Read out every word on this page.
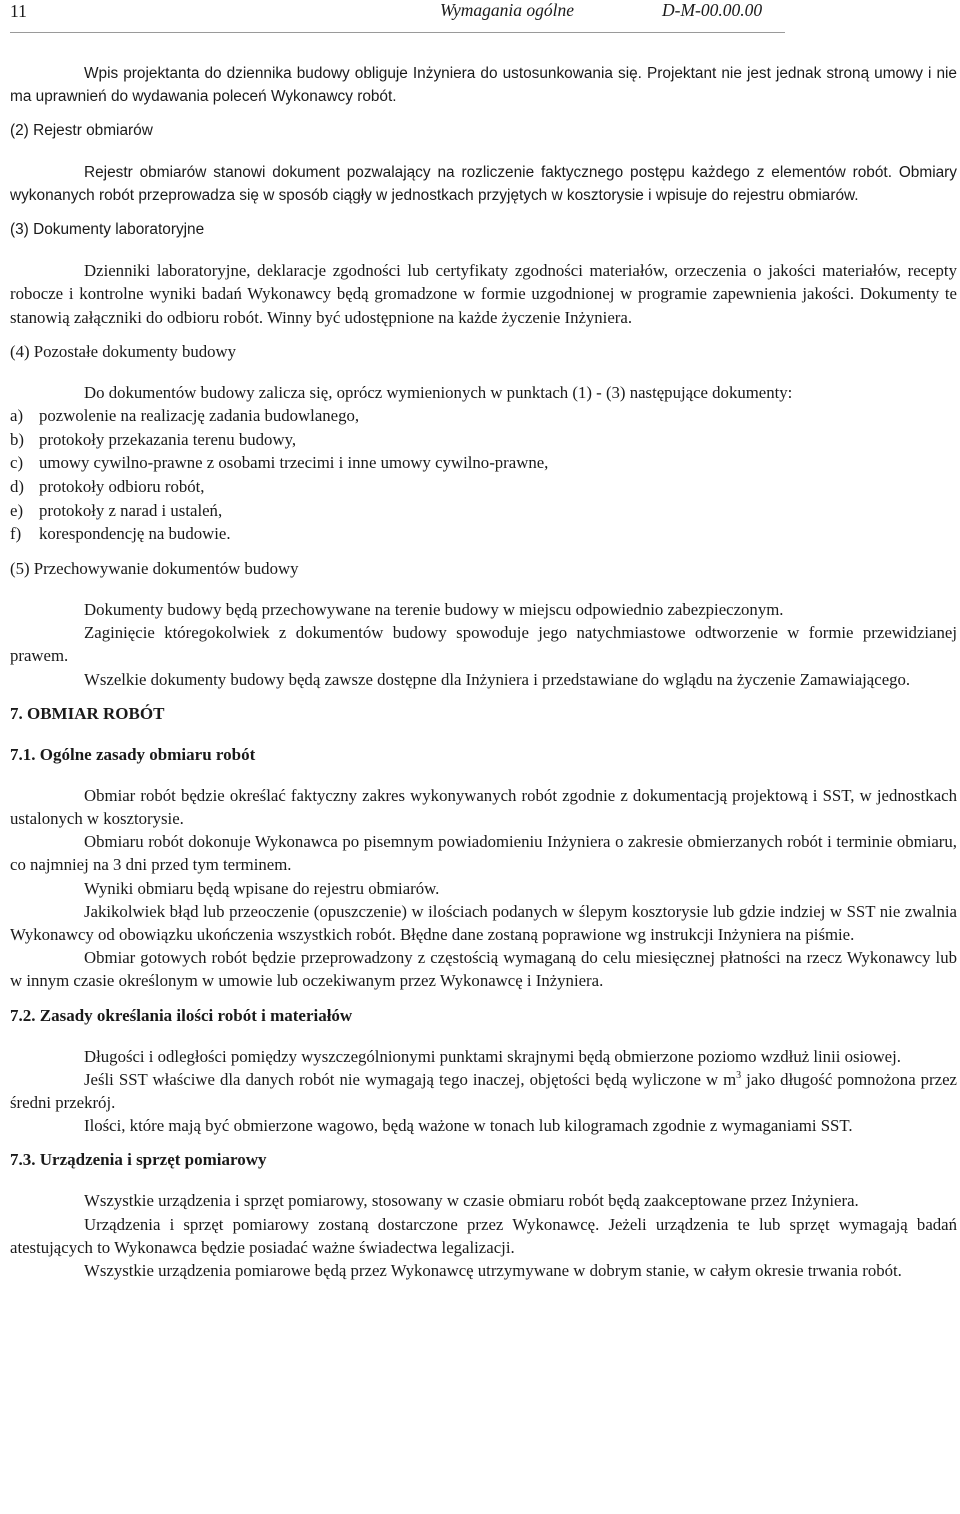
11	Wymagania ogólne	D-M-00.00.00

Wpis projektanta do dziennika budowy obliguje Inżyniera do ustosunkowania się. Projektant nie jest jednak stroną umowy i nie ma uprawnień do wydawania poleceń Wykonawcy robót.

(2) Rejestr obmiarów

Rejestr obmiarów stanowi dokument pozwalający na rozliczenie faktycznego postępu każdego z elementów robót. Obmiary wykonanych robót przeprowadza się w sposób ciągły w jednostkach przyjętych w kosztorysie i wpisuje do rejestru obmiarów.

(3) Dokumenty laboratoryjne

Dzienniki laboratoryjne, deklaracje zgodności lub certyfikaty zgodności materiałów, orzeczenia o jakości materiałów, recepty robocze i kontrolne wyniki badań Wykonawcy będą gromadzone w formie uzgodnionej w programie zapewnienia jakości. Dokumenty te stanowią załączniki do odbioru robót. Winny być udostępnione na każde życzenie Inżyniera.

(4) Pozostałe dokumenty budowy

Do dokumentów budowy zalicza się, oprócz wymienionych w punktach (1) - (3) następujące dokumenty:

a) pozwolenie na realizację zadania budowlanego,
b) protokoły przekazania terenu budowy,
c) umowy cywilno-prawne z osobami trzecimi i inne umowy cywilno-prawne,
d) protokoły odbioru robót,
e) protokoły z narad i ustaleń,
f)	korespondencję na budowie.

(5) Przechowywanie dokumentów budowy

Dokumenty budowy będą przechowywane na terenie budowy w miejscu odpowiednio zabezpieczonym.

Zaginięcie któregokolwiek z dokumentów budowy spowoduje jego natychmiastowe odtworzenie w formie przewidzianej prawem.

Wszelkie dokumenty budowy będą zawsze dostępne dla Inżyniera i przedstawiane do wglądu na życzenie Zamawiającego.

7. OBMIAR ROBÓT
7.1. Ogólne zasady obmiaru robót

Obmiar robót będzie określać faktyczny zakres wykonywanych robót zgodnie z dokumentacją projektową i SST, w jednostkach ustalonych w kosztorysie.

Obmiaru robót dokonuje Wykonawca po pisemnym powiadomieniu Inżyniera o zakresie obmierzanych robót i terminie obmiaru, co najmniej na 3 dni przed tym terminem.

Wyniki obmiaru będą wpisane do rejestru obmiarów.

Jakikolwiek błąd lub przeoczenie (opuszczenie) w ilościach podanych w ślepym kosztorysie lub gdzie indziej w SST nie zwalnia Wykonawcy od obowiązku ukończenia wszystkich robót. Błędne dane zostaną poprawione wg instrukcji Inżyniera na piśmie.

Obmiar gotowych robót będzie przeprowadzony z częstością wymaganą do celu miesięcznej płatności na rzecz Wykonawcy lub w innym czasie określonym w umowie lub oczekiwanym przez Wykonawcę i Inżyniera.

7.2. Zasady określania ilości robót i materiałów

Długości i odległości pomiędzy wyszczególnionymi punktami skrajnymi będą obmierzone poziomo wzdłuż linii osiowej.

Jeśli SST właściwe dla danych robót nie wymagają tego inaczej, objętości będą wyliczone w $m^3$ jako długość pomnożona przez średni przekrój.

Ilości, które mają być obmierzone wagowo, będą ważone w tonach lub kilogramach zgodnie z wymaganiami SST.

7.3. Urządzenia i sprzęt pomiarowy

Wszystkie urządzenia i sprzęt pomiarowy, stosowany w czasie obmiaru robót będą zaakceptowane przez Inżyniera.

Urządzenia i sprzęt pomiarowy zostaną dostarczone przez Wykonawcę. Jeżeli urządzenia te lub sprzęt wymagają badań atestujących to Wykonawca będzie posiadać ważne świadectwa legalizacji.

Wszystkie urządzenia pomiarowe będą przez Wykonawcę utrzymywane w dobrym stanie, w całym okresie trwania robót.
